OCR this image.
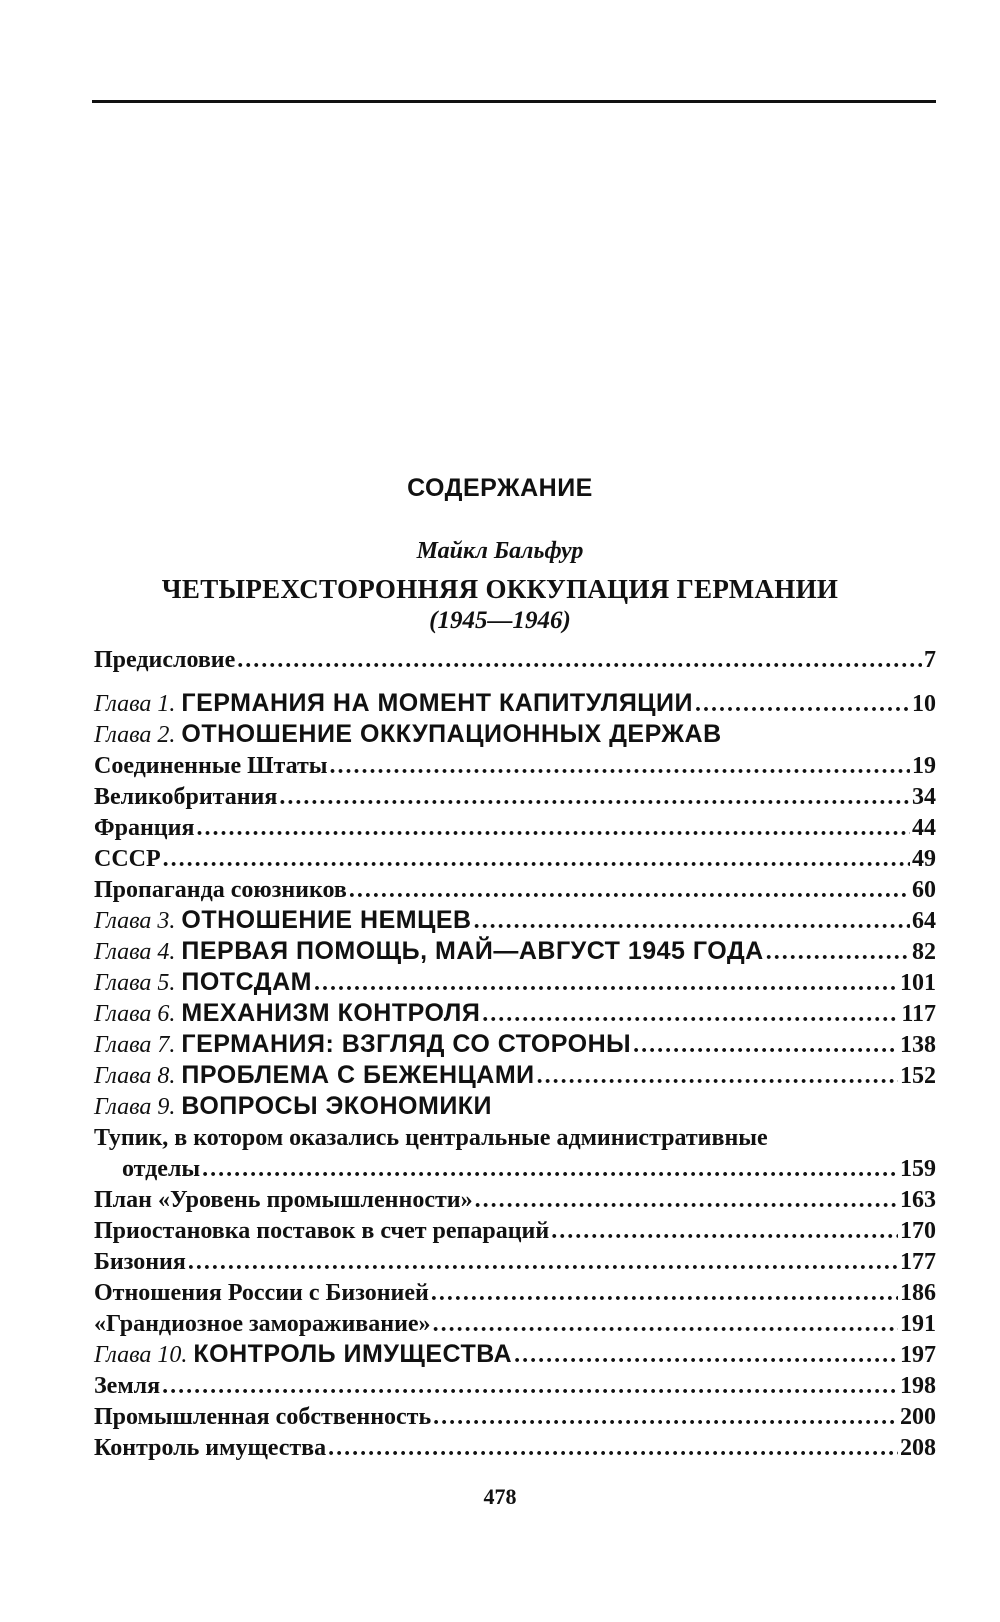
СОДЕРЖАНИЕ
Майкл Бальфур
ЧЕТЫРЕХСТОРОННЯЯ ОККУПАЦИЯ ГЕРМАНИИ
(1945—1946)
Предисловие .....	7
Глава 1. ГЕРМАНИЯ НА МОМЕНТ КАПИТУЛЯЦИИ .....	10
Глава 2. ОТНОШЕНИЕ ОККУПАЦИОННЫХ ДЕРЖАВ
Соединенные Штаты .....	19
Великобритания .....	34
Франция .....	44
СССР .....	49
Пропаганда союзников .....	60
Глава 3. ОТНОШЕНИЕ НЕМЦЕВ .....	64
Глава 4. ПЕРВАЯ ПОМОЩЬ, МАЙ—АВГУСТ 1945 ГОДА .....	82
Глава 5. ПОТСДАМ .....	101
Глава 6. МЕХАНИЗМ КОНТРОЛЯ .....	117
Глава 7. ГЕРМАНИЯ: ВЗГЛЯД СО СТОРОНЫ .....	138
Глава 8. ПРОБЛЕМА С БЕЖЕНЦАМИ .....	152
Глава 9. ВОПРОСЫ ЭКОНОМИКИ
Тупик, в котором оказались центральные административные
отделы .....	159
План «Уровень промышленности» .....	163
Приостановка поставок в счет репараций .....	170
Бизония .....	177
Отношения России с Бизонией .....	186
«Грандиозное замораживание» .....	191
Глава 10. КОНТРОЛЬ ИМУЩЕСТВА .....	197
Земля .....	198
Промышленная собственность .....	200
Контроль имущества .....	208
478
